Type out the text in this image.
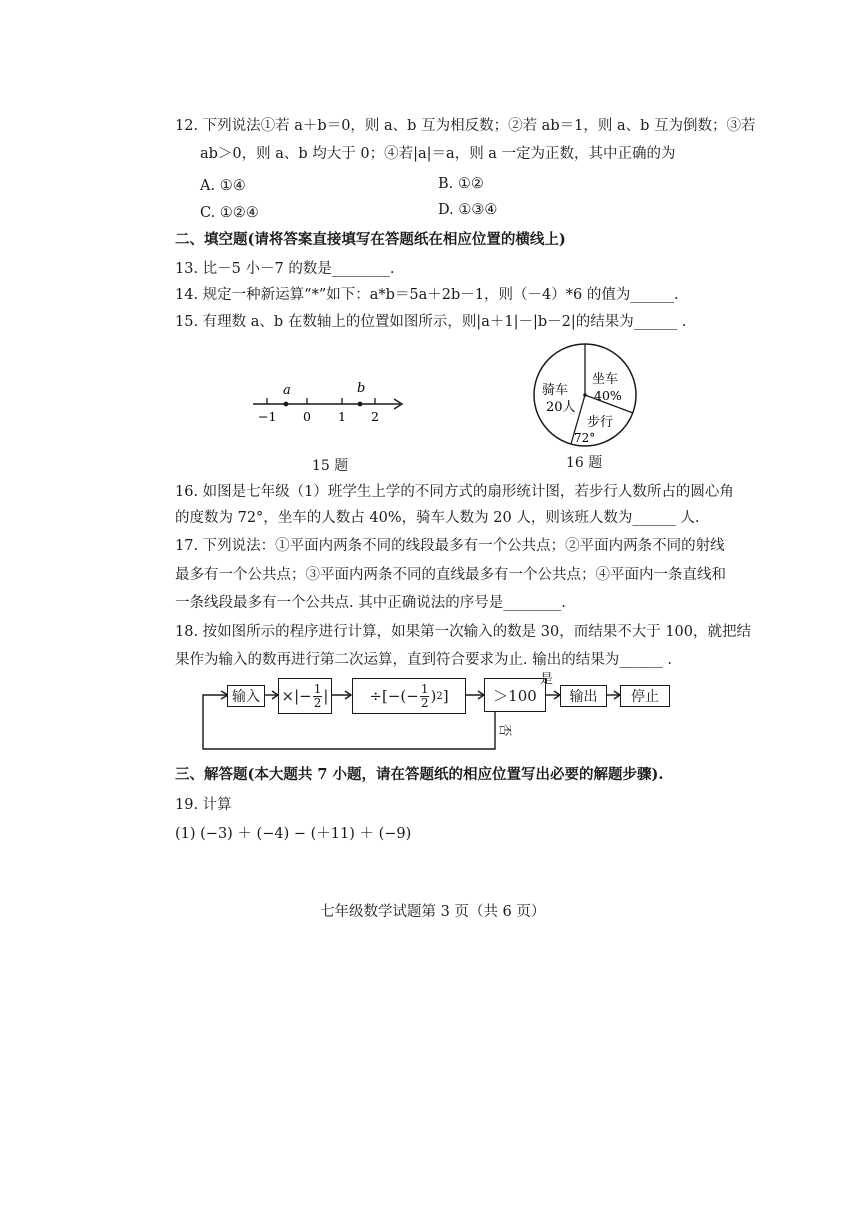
12. 下列说法①若 a＋b＝0，则 a、b 互为相反数；②若 ab＝1，则 a、b 互为倒数；③若
ab＞0，则 a、b 均大于 0；④若|a|＝a，则 a 一定为正数，其中正确的为
A. ①④	B. ①②
C. ①②④	D. ①③④
二、填空题(请将答案直接填写在答题纸在相应位置的横线上)
13. 比－5 小－7 的数是________.
14. 规定一种新运算“*”如下：a*b＝5a＋2b－1，则（－4）*6 的值为______.
15. 有理数 a、b 在数轴上的位置如图所示，则|a＋1|－|b－2|的结果为______ .
a	b
−1 0 1 2
15 题
骑车
20人
坐车
40%
步行
72°
16 题
16. 如图是七年级（1）班学生上学的不同方式的扇形统计图，若步行人数所占的圆心角
的度数为 72°，坐车的人数占 40%，骑车人数为 20 人，则该班人数为______ 人.
17. 下列说法：①平面内两条不同的线段最多有一个公共点；②平面内两条不同的射线
最多有一个公共点；③平面内两条不同的直线最多有一个公共点；④平面内一条直线和
一条线段最多有一个公共点. 其中正确说法的序号是________.
18. 按如图所示的程序进行计算，如果第一次输入的数是 30，而结果不大于 100，就把结
果作为输入的数再进行第二次运算，直到符合要求为止. 输出的结果为______ .
输入 ×|− $\frac{1}{2}$ |	÷[−(− $\frac{1}{2}$ ) 2 ]	＞100
是
否
输出 停止
三、解答题(本大题共 7 小题，请在答题纸的相应位置写出必要的解题步骤).
19. 计算
(1) (−3) ＋ (−4) − (＋11) ＋ (−9)
七年级数学试题第 3 页（共 6 页）
